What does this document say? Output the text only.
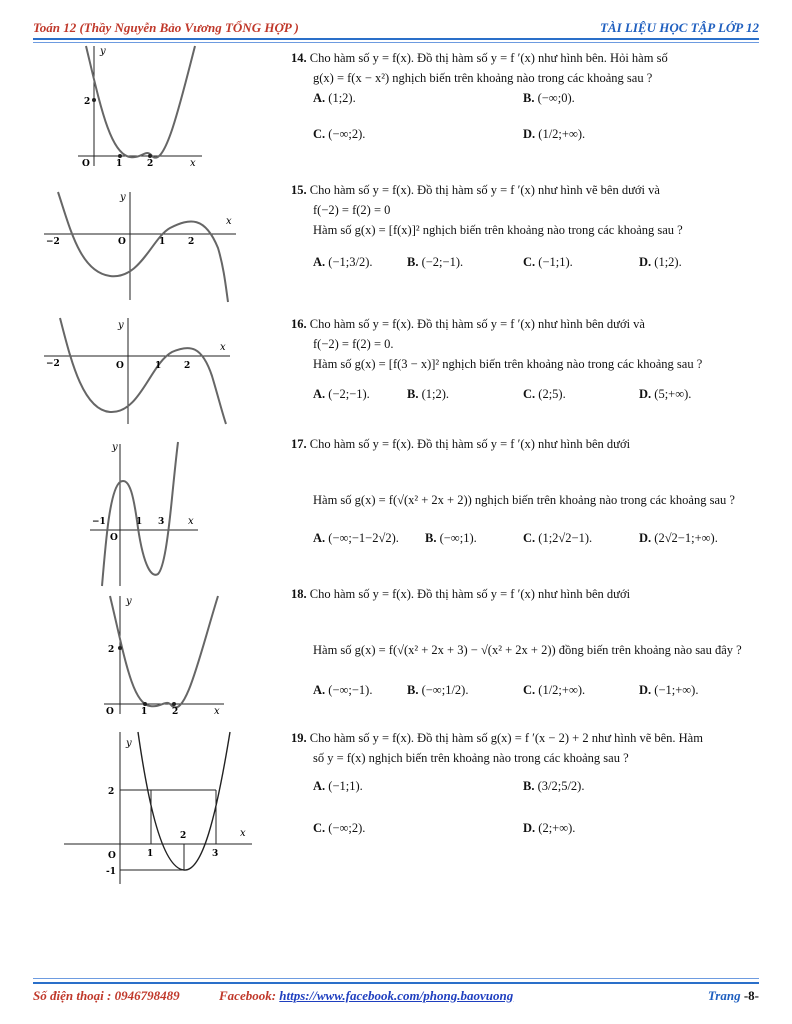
Toán 12 (Thầy Nguyễn Bảo Vương TỔNG HỢP )	TÀI LIỆU HỌC TẬP LỚP 12
y
x
O	1	2
2
14. Cho hàm số y = f(x). Đồ thị hàm số y = f ′(x) như hình bên. Hỏi hàm số
g(x) = f(x − x²) nghịch biến trên khoảng nào trong các khoảng sau ?
A. (1;2).	B. (−∞;0).
C. (−∞;2).	D. (1/2;+∞).
y
x
O
−2	1	2
15. Cho hàm số y = f(x). Đồ thị hàm số y = f ′(x) như hình vẽ bên dưới và
f(−2) = f(2) = 0
Hàm số g(x) = [f(x)]² nghịch biến trên khoảng nào trong các khoảng sau ?
A. (−1;3/2).	B. (−2;−1).	C. (−1;1).	D. (1;2).
y
x
O
−2	1	2
16. Cho hàm số y = f(x). Đồ thị hàm số y = f ′(x) như hình bên dưới và
f(−2) = f(2) = 0.
Hàm số g(x) = [f(3 − x)]² nghịch biến trên khoảng nào trong các khoảng sau ?
A. (−2;−1).	B. (1;2).	C. (2;5).	D. (5;+∞).
y
x
O
−1	1 3
17. Cho hàm số y = f(x). Đồ thị hàm số y = f ′(x) như hình bên dưới
Hàm số g(x) = f(√(x² + 2x + 2)) nghịch biến trên khoảng nào trong các khoảng sau ?
A. (−∞;−1−2√2). B. (−∞;1).	C. (1;2√2−1).	D. (2√2−1;+∞).
y
x
O	1	2
2
18. Cho hàm số y = f(x). Đồ thị hàm số y = f ′(x) như hình bên dưới
Hàm số g(x) = f(√(x² + 2x + 3) − √(x² + 2x + 2)) đồng biến trên khoảng nào sau đây ?
A. (−∞;−1).	B. (−∞;1/2).	C. (1/2;+∞).	D. (−1;+∞).
y
x
O	1
2
3
2
-1
19. Cho hàm số y = f(x). Đồ thị hàm số g(x) = f ′(x − 2) + 2 như hình vẽ bên. Hàm
số y = f(x) nghịch biến trên khoảng nào trong các khoảng sau ?
A. (−1;1).	B. (3/2;5/2).
C. (−∞;2).	D. (2;+∞).
Số điện thoại : 0946798489	Facebook: https://www.facebook.com/phong.baovuong	Trang -8-
